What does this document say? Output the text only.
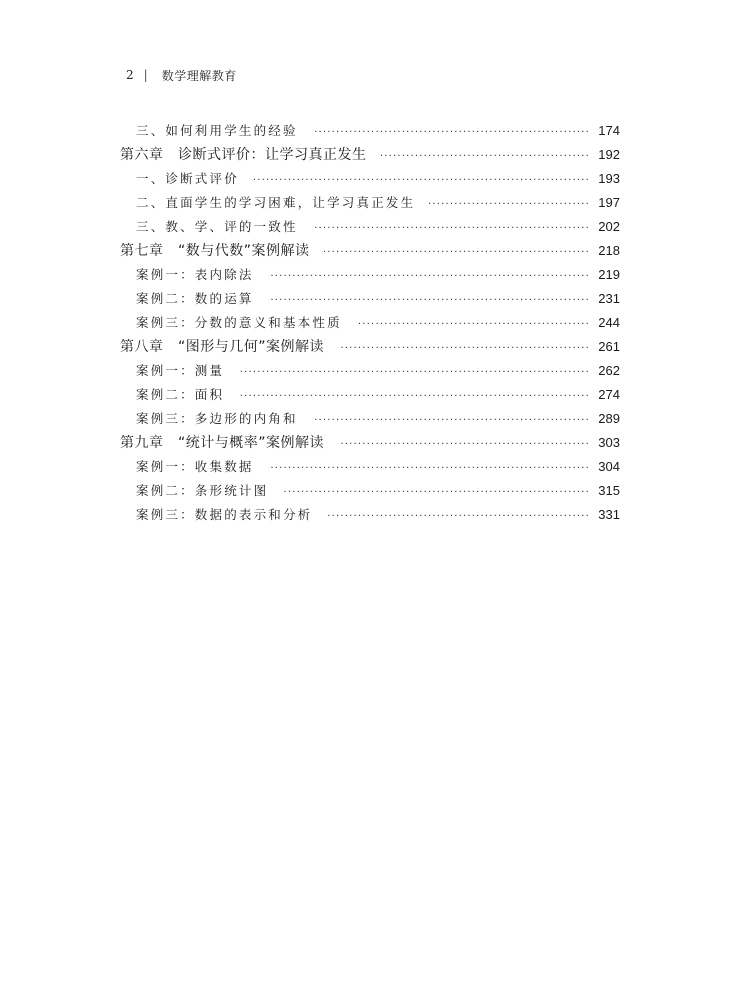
2 | 数学理解教育
三、如何利用学生的经验 ·····	174
第六章　诊断式评价：让学习真正发生 ·····	192
一、诊断式评价 ·····	193
二、直面学生的学习困难，让学习真正发生 ·····	197
三、教、学、评的一致性 ·····	202
第七章　“数与代数”案例解读 ·····	218
案例一：表内除法 ·····	219
案例二：数的运算 ·····	231
案例三：分数的意义和基本性质 ·····	244
第八章　“图形与几何”案例解读 ·····	261
案例一：测量 ·····	262
案例二：面积 ·····	274
案例三：多边形的内角和 ·····	289
第九章　“统计与概率”案例解读 ·····	303
案例一：收集数据 ·····	304
案例二：条形统计图 ·····	315
案例三：数据的表示和分析 ·····	331
